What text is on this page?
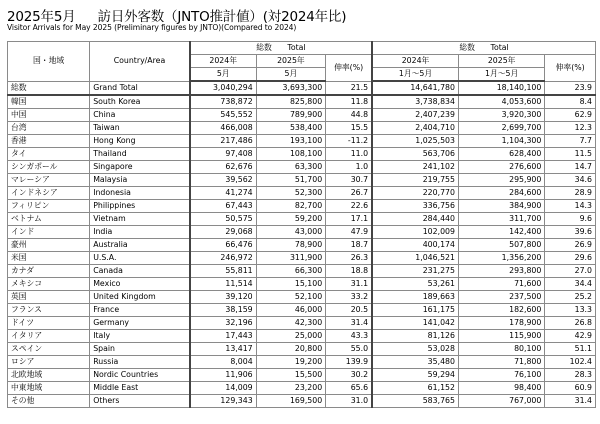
2025年5月 訪日外客数（JNTO推計値）(対2024年比)
Visitor Arrivals for May 2025 (Preliminary figures by JNTO)(Compared to 2024)
国・地域	Country/Area	総数　　Total			総数　　Total		
		2024年	2025年	伸率(%)	2024年	2025年	伸率(%)
		5月	5月		1月～5月	1月～5月	
総数	Grand Total	3,040,294	3,693,300	21.5	14,641,780	18,140,100	23.9
韓国	South Korea	738,872	825,800	11.8	3,738,834	4,053,600	8.4
中国	China	545,552	789,900	44.8	2,407,239	3,920,300	62.9
台湾	Taiwan	466,008	538,400	15.5	2,404,710	2,699,700	12.3
香港	Hong Kong	217,486	193,100	-11.2	1,025,503	1,104,300	7.7
タイ	Thailand	97,408	108,100	11.0	563,706	628,400	11.5
シンガポール	Singapore	62,676	63,300	1.0	241,102	276,600	14.7
マレーシア	Malaysia	39,562	51,700	30.7	219,755	295,900	34.6
インドネシア	Indonesia	41,274	52,300	26.7	220,770	284,600	28.9
フィリピン	Philippines	67,443	82,700	22.6	336,756	384,900	14.3
ベトナム	Vietnam	50,575	59,200	17.1	284,440	311,700	9.6
インド	India	29,068	43,000	47.9	102,009	142,400	39.6
豪州	Australia	66,476	78,900	18.7	400,174	507,800	26.9
米国	U.S.A.	246,972	311,900	26.3	1,046,521	1,356,200	29.6
カナダ	Canada	55,811	66,300	18.8	231,275	293,800	27.0
メキシコ	Mexico	11,514	15,100	31.1	53,261	71,600	34.4
英国	United Kingdom	39,120	52,100	33.2	189,663	237,500	25.2
フランス	France	38,159	46,000	20.5	161,175	182,600	13.3
ドイツ	Germany	32,196	42,300	31.4	141,042	178,900	26.8
イタリア	Italy	17,443	25,000	43.3	81,126	115,900	42.9
スペイン	Spain	13,417	20,800	55.0	53,028	80,100	51.1
ロシア	Russia	8,004	19,200	139.9	35,480	71,800	102.4
北欧地域	Nordic Countries	11,906	15,500	30.2	59,294	76,100	28.3
中東地域	Middle East	14,009	23,200	65.6	61,152	98,400	60.9
その他	Others	129,343	169,500	31.0	583,765	767,000	31.4
